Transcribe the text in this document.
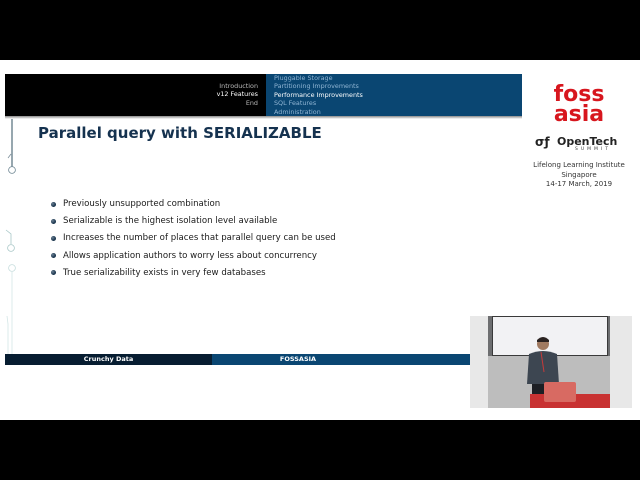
Introduction
v12 Features
End
Pluggable Storage
Partitioning Improvements
Performance Improvements
SQL Features
Administration
Parallel query with SERIALIZABLE
Previously unsupported combination
Serializable is the highest isolation level available
Increases the number of places that parallel query can be used
Allows application authors to worry less about concurrency
True serializability exists in very few databases
Crunchy Data	FOSSASIA
foss
asia
σƒ OpenTech
SUMMIT
Lifelong Learning Institute
Singapore
14-17 March, 2019
